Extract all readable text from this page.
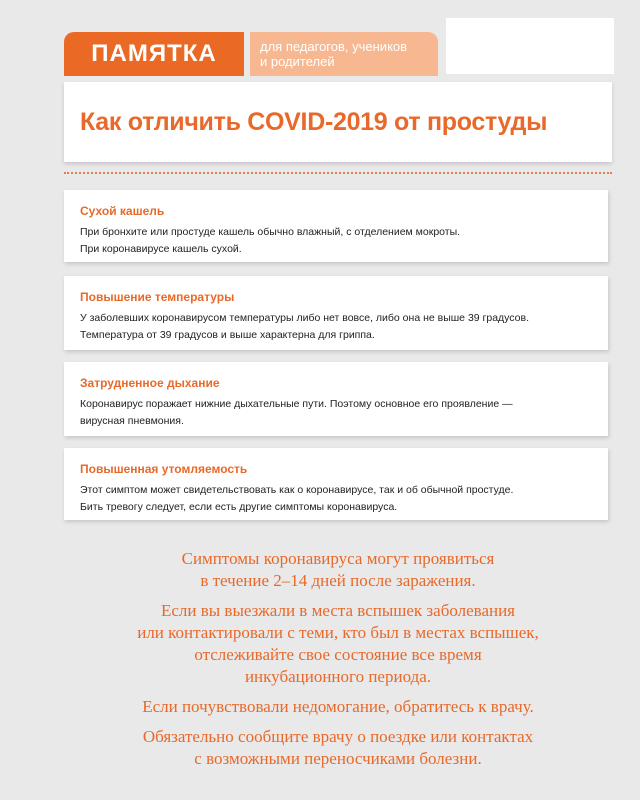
ПАМЯТКА	для педагогов, учеников
и родителей
Как отличить COVID-2019 от простуды
Сухой кашель

При бронхите или простуде кашель обычно влажный, с отделением мокроты.

При коронавирусе кашель сухой.

Повышение температуры

У заболевших коронавирусом температуры либо нет вовсе, либо она не выше 39 градусов.

Температура от 39 градусов и выше характерна для гриппа.

Затрудненное дыхание

Коронавирус поражает нижние дыхательные пути. Поэтому основное его проявление —

вирусная пневмония.

Повышенная утомляемость

Этот симптом может свидетельствовать как о коронавирусе, так и об обычной простуде.

Бить тревогу следует, если есть другие симптомы коронавируса.

Симптомы коронавируса могут проявиться
в течение 2–14 дней после заражения.

Если вы выезжали в места вспышек заболевания
или контактировали с теми, кто был в местах вспышек,
отслеживайте свое состояние все время
инкубационного периода.

Если почувствовали недомогание, обратитесь к врачу.

Обязательно сообщите врачу о поездке или контактах
с возможными переносчиками болезни.
